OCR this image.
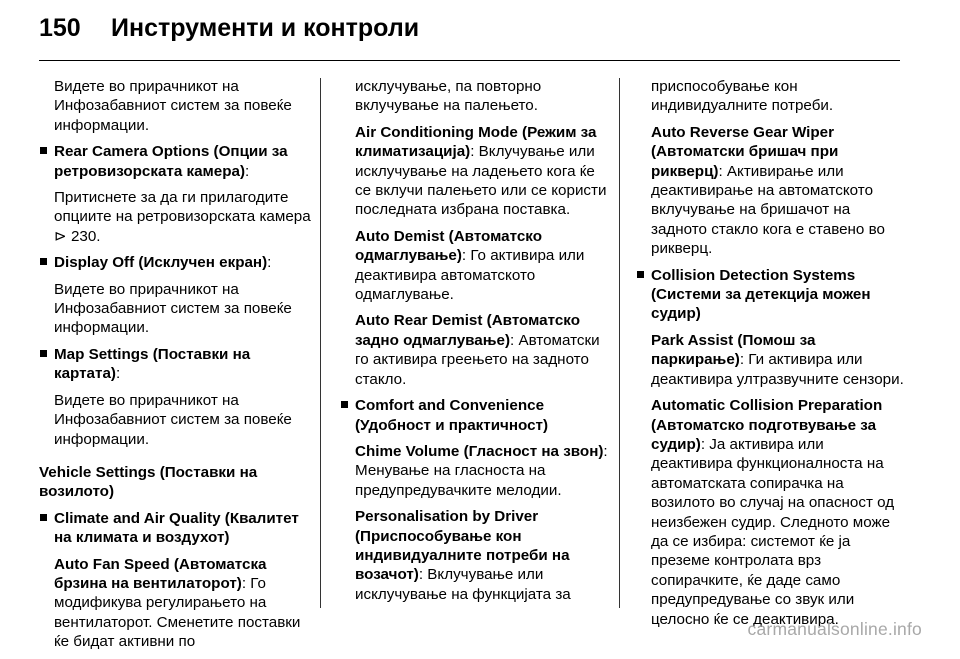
150	Инструменти и контроли

Видете во прирачникот на Инфозабавниот систем за повеќе информации.

Rear Camera Options (Опции за ретровизорската камера):

Притиснете за да ги прилагодите опциите на ретровизорската камера ⊳ 230.

Display Off (Исклучен екран):

Видете во прирачникот на Инфозабавниот систем за повеќе информации.

Map Settings (Поставки на картата):

Видете во прирачникот на Инфозабавниот систем за повеќе информации.

Vehicle Settings (Поставки на возилото)

Climate and Air Quality (Квалитет на климата и воздухот)

Auto Fan Speed (Автоматска брзина на вентилаторот): Го модификува регулирањето на вентилаторот. Сменетите поставки ќе бидат активни по

исклучување, па повторно вклучување на палењето.

Air Conditioning Mode (Режим за климатизација): Вклучување или исклучување на ладењето кога ќе се вклучи палењето или се користи последната избрана поставка.

Auto Demist (Автоматско одмаглување): Го активира или деактивира автоматското одмаглување.

Auto Rear Demist (Автоматско задно одмаглување): Автоматски го активира греењето на задното стакло.

Comfort and Convenience (Удобност и практичност)

Chime Volume (Гласност на звон): Менување на гласноста на предупредувачките мелодии.

Personalisation by Driver (Приспособување кон индивидуалните потреби на возачот): Вклучување или исклучување на функцијата за

приспособување кон индивидуалните потреби.

Auto Reverse Gear Wiper (Автоматски бришач при рикверц): Активирање или деактивирање на автоматското вклучување на бришачот на задното стакло кога е ставено во рикверц.

Collision Detection Systems (Системи за детекција можен судир)

Park Assist (Помош за паркирање): Ги активира или деактивира ултразвучните сензори.

Automatic Collision Preparation (Автоматско подготвување за судир): Ја активира или деактивира функционалноста на автоматската сопирачка на возилото во случај на опасност од неизбежен судир. Следното може да се избира: системот ќе ја преземе контролата врз сопирачките, ќе даде само предупредување со звук или целосно ќе се деактивира.

carmanualsonline.info
